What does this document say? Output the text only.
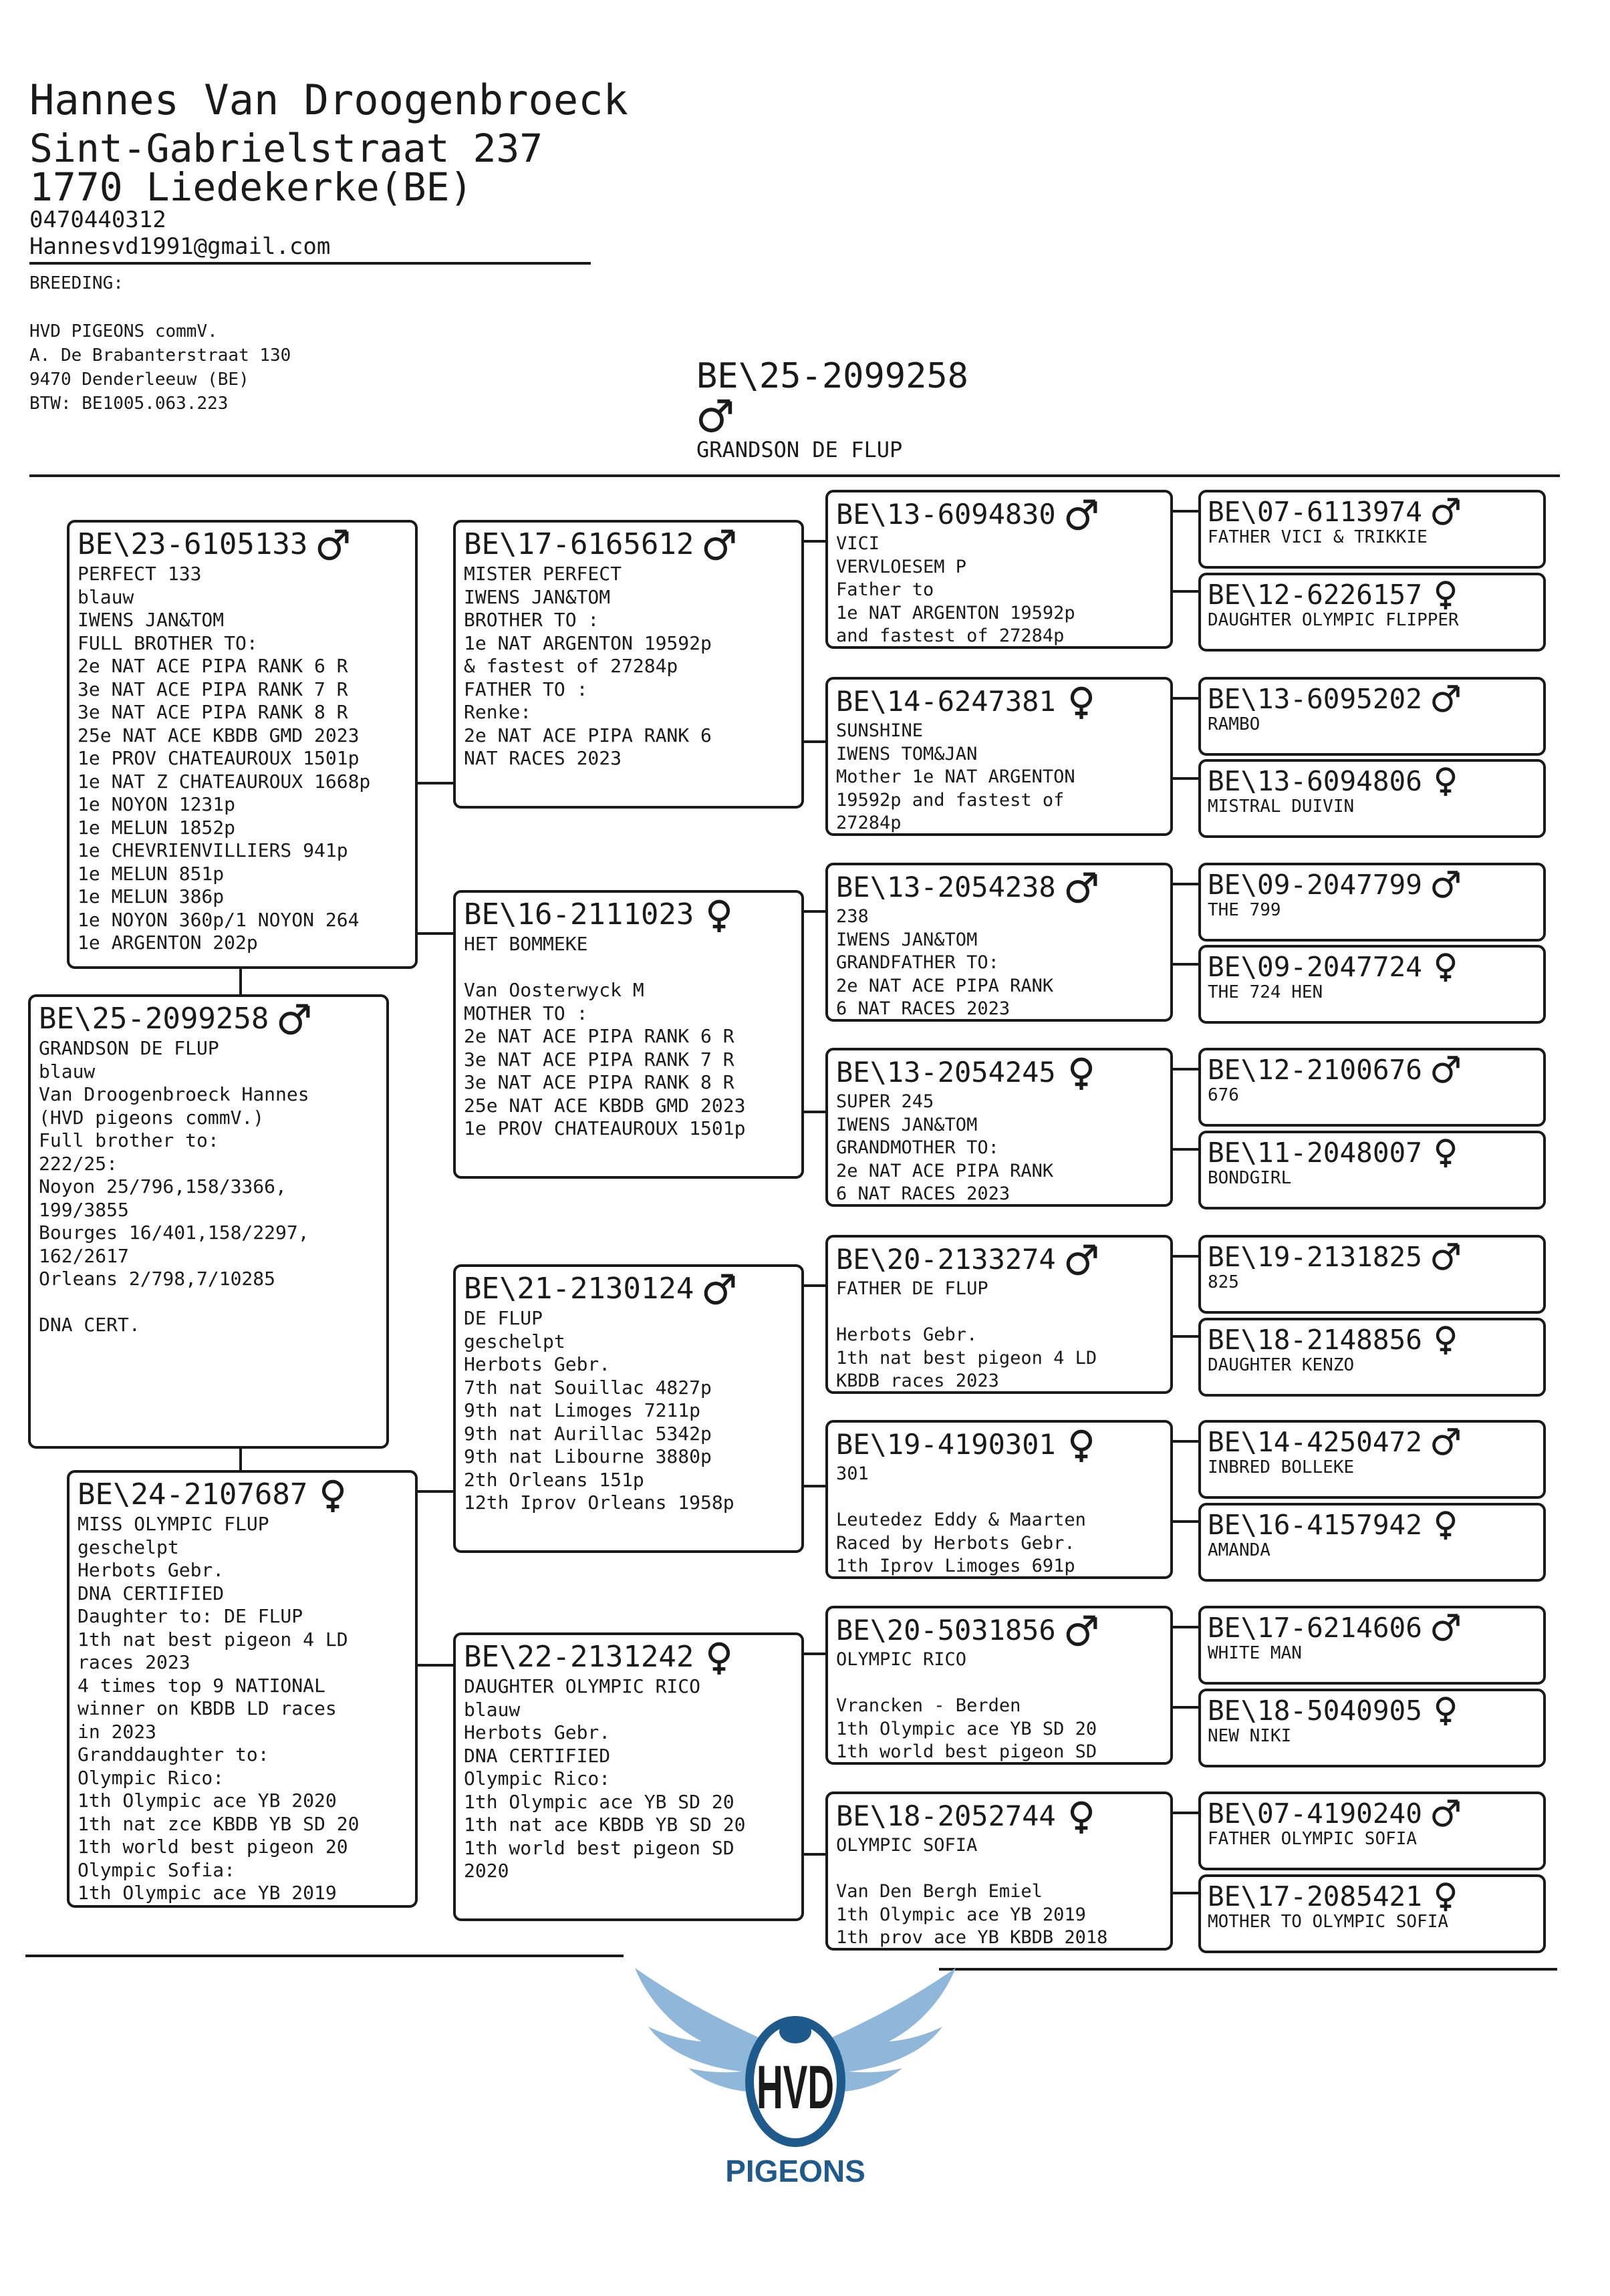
Hannes Van Droogenbroeck
Sint-Gabrielstraat 237
1770 Liedekerke(BE)
0470440312
Hannesvd1991@gmail.com
BREEDING:
HVD PIGEONS commV.
A. De Brabanterstraat 130
9470 Denderleeuw (BE)
BTW: BE1005.063.223
BE\25-2099258
GRANDSON DE FLUP
BE\25-2099258
GRANDSON DE FLUP
blauw
Van Droogenbroeck Hannes
(HVD pigeons commV.)
Full brother to:
222/25:
Noyon 25/796,158/3366,
199/3855
Bourges 16/401,158/2297,
162/2617
Orleans 2/798,7/10285

DNA CERT.
BE\23-6105133
PERFECT 133
blauw
IWENS JAN&TOM
FULL BROTHER TO:
2e NAT ACE PIPA RANK 6 R
3e NAT ACE PIPA RANK 7 R
3e NAT ACE PIPA RANK 8 R
25e NAT ACE KBDB GMD 2023
1e PROV CHATEAUROUX 1501p
1e NAT Z CHATEAUROUX 1668p
1e NOYON 1231p
1e MELUN 1852p
1e CHEVRIENVILLIERS 941p
1e MELUN 851p
1e MELUN 386p
1e NOYON 360p/1 NOYON 264
1e ARGENTON 202p
BE\24-2107687
MISS OLYMPIC FLUP
geschelpt
Herbots Gebr.
DNA CERTIFIED
Daughter to: DE FLUP
1th nat best pigeon 4 LD
races 2023
4 times top 9 NATIONAL
winner on KBDB LD races
in 2023
Granddaughter to:
Olympic Rico:
1th Olympic ace YB 2020
1th nat zce KBDB YB SD 20
1th world best pigeon 20
Olympic Sofia:
1th Olympic ace YB 2019
BE\17-6165612
MISTER PERFECT
IWENS JAN&TOM
BROTHER TO :
1e NAT ARGENTON 19592p
& fastest of 27284p
FATHER TO :
Renke:
2e NAT ACE PIPA RANK 6
NAT RACES 2023
BE\16-2111023
HET BOMMEKE

Van Oosterwyck M
MOTHER TO :
2e NAT ACE PIPA RANK 6 R
3e NAT ACE PIPA RANK 7 R
3e NAT ACE PIPA RANK 8 R
25e NAT ACE KBDB GMD 2023
1e PROV CHATEAUROUX 1501p
BE\21-2130124
DE FLUP
geschelpt
Herbots Gebr.
7th nat Souillac 4827p
9th nat Limoges 7211p
9th nat Aurillac 5342p
9th nat Libourne 3880p
2th Orleans 151p
12th Iprov Orleans 1958p
BE\22-2131242
DAUGHTER OLYMPIC RICO
blauw
Herbots Gebr.
DNA CERTIFIED
Olympic Rico:
1th Olympic ace YB SD 20
1th nat ace KBDB YB SD 20
1th world best pigeon SD
2020
BE\13-6094830
VICI
VERVLOESEM P
Father to
1e NAT ARGENTON 19592p
and fastest of 27284p
BE\14-6247381
SUNSHINE
IWENS TOM&JAN
Mother 1e NAT ARGENTON
19592p and fastest of
27284p
BE\13-2054238
238
IWENS JAN&TOM
GRANDFATHER TO:
2e NAT ACE PIPA RANK
6 NAT RACES 2023
BE\13-2054245
SUPER 245
IWENS JAN&TOM
GRANDMOTHER TO:
2e NAT ACE PIPA RANK
6 NAT RACES 2023
BE\20-2133274
FATHER DE FLUP

Herbots Gebr.
1th nat best pigeon 4 LD
KBDB races 2023
BE\19-4190301
301

Leutedez Eddy & Maarten
Raced by Herbots Gebr.
1th Iprov Limoges 691p
BE\20-5031856
OLYMPIC RICO

Vrancken - Berden
1th Olympic ace YB SD 20
1th world best pigeon SD
BE\18-2052744
OLYMPIC SOFIA

Van Den Bergh Emiel
1th Olympic ace YB 2019
1th prov ace YB KBDB 2018
BE\07-6113974
FATHER VICI & TRIKKIE
BE\12-6226157
DAUGHTER OLYMPIC FLIPPER
BE\13-6095202
RAMBO
BE\13-6094806
MISTRAL DUIVIN
BE\09-2047799
THE 799
BE\09-2047724
THE 724 HEN
BE\12-2100676
676
BE\11-2048007
BONDGIRL
BE\19-2131825
825
BE\18-2148856
DAUGHTER KENZO
BE\14-4250472
INBRED BOLLEKE
BE\16-4157942
AMANDA
BE\17-6214606
WHITE MAN
BE\18-5040905
NEW NIKI
BE\07-4190240
FATHER OLYMPIC SOFIA
BE\17-2085421
MOTHER TO OLYMPIC SOFIA
HVD
PIGEONS
